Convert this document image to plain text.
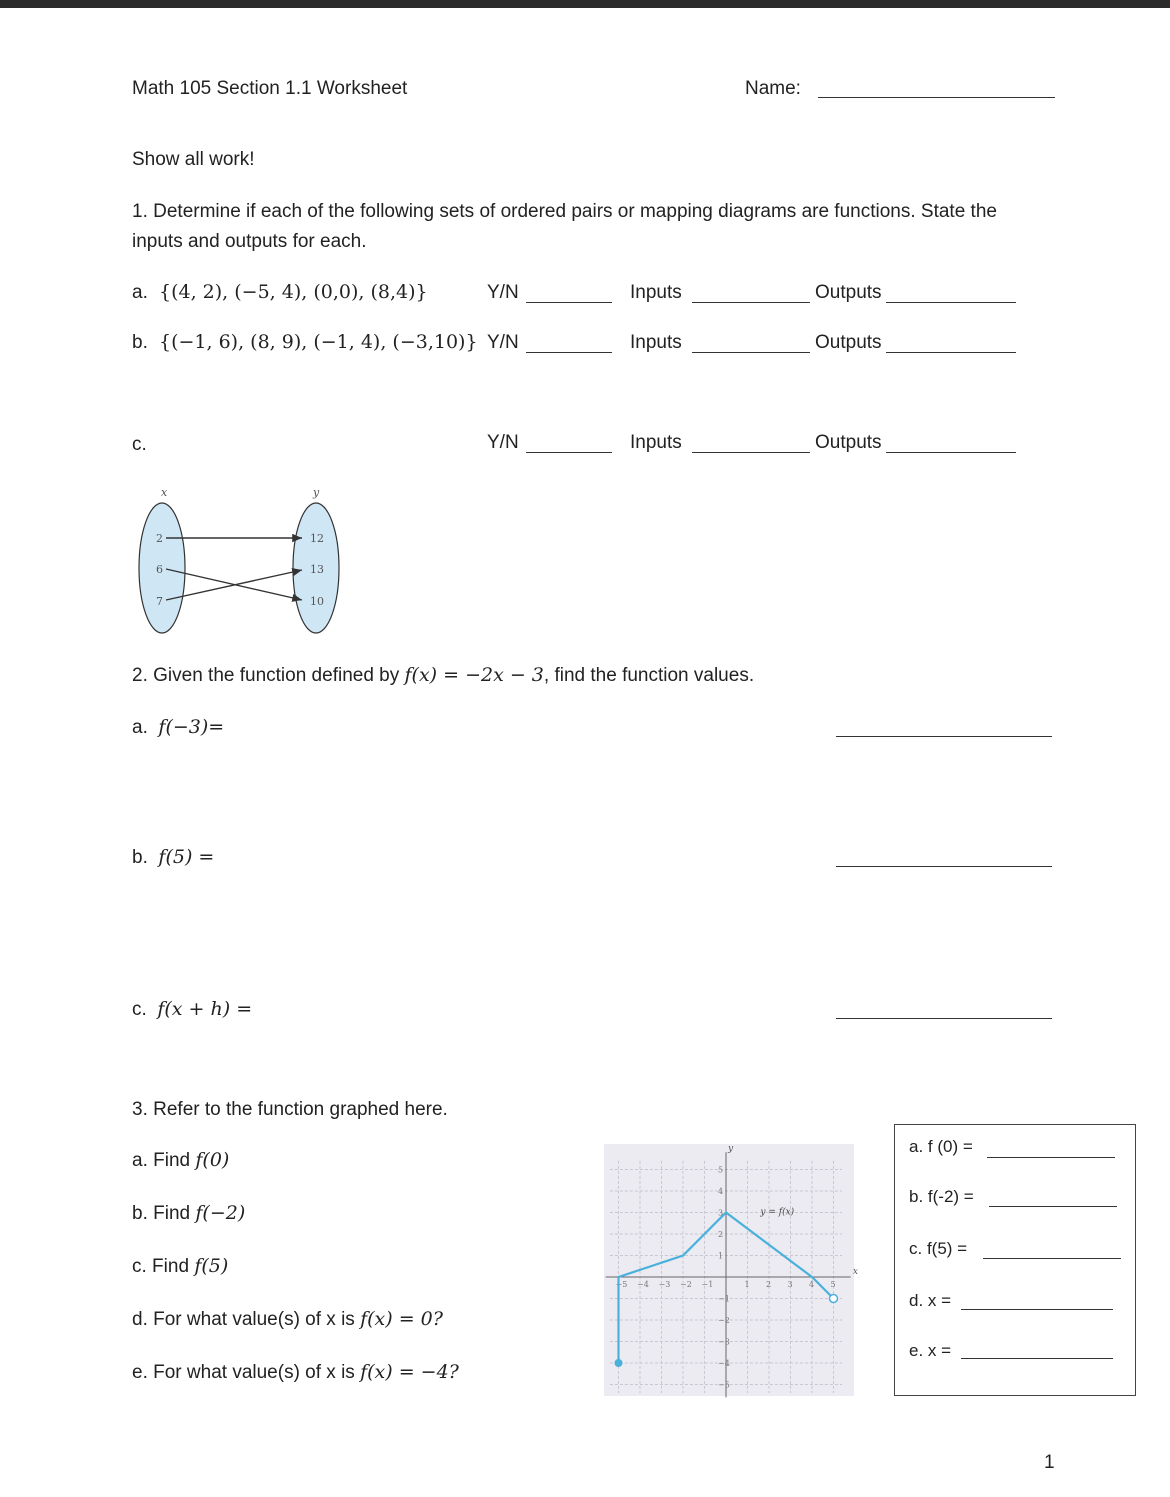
Math 105 Section 1.1 Worksheet	Name:
Show all work!
1. Determine if each of the following sets of ordered pairs or mapping diagrams are functions. State the
inputs and outputs for each.
a. {(4, 2), (−5, 4), (0,0), (8,4)}	Y/N	Inputs	Outputs
b. {(−1, 6), (8, 9), (−1, 4), (−3,10)} Y/N	Inputs	Outputs
c.	Y/N	Inputs	Outputs
x	y
2
6
7
12
13
10
2. Given the function defined by f(x) = −2x − 3, find the function values.
a. f(−3)=
b. f(5) =
c. f(x + h) =
3. Refer to the function graphed here.
a. Find f(0)
b. Find f(−2)
c. Find f(5)
d. For what value(s) of x is f(x) = 0?
e. For what value(s) of x is f(x) = −4?
x
y
−5 −4 −3 −2 −1	1 2 3 4 5
5
4
3
2
1
−1
−2
−3
−4
−5
y = f(x)
a. f (0) =
b. f(-2) =
c. f(5) =
d. x =
e. x =
1
